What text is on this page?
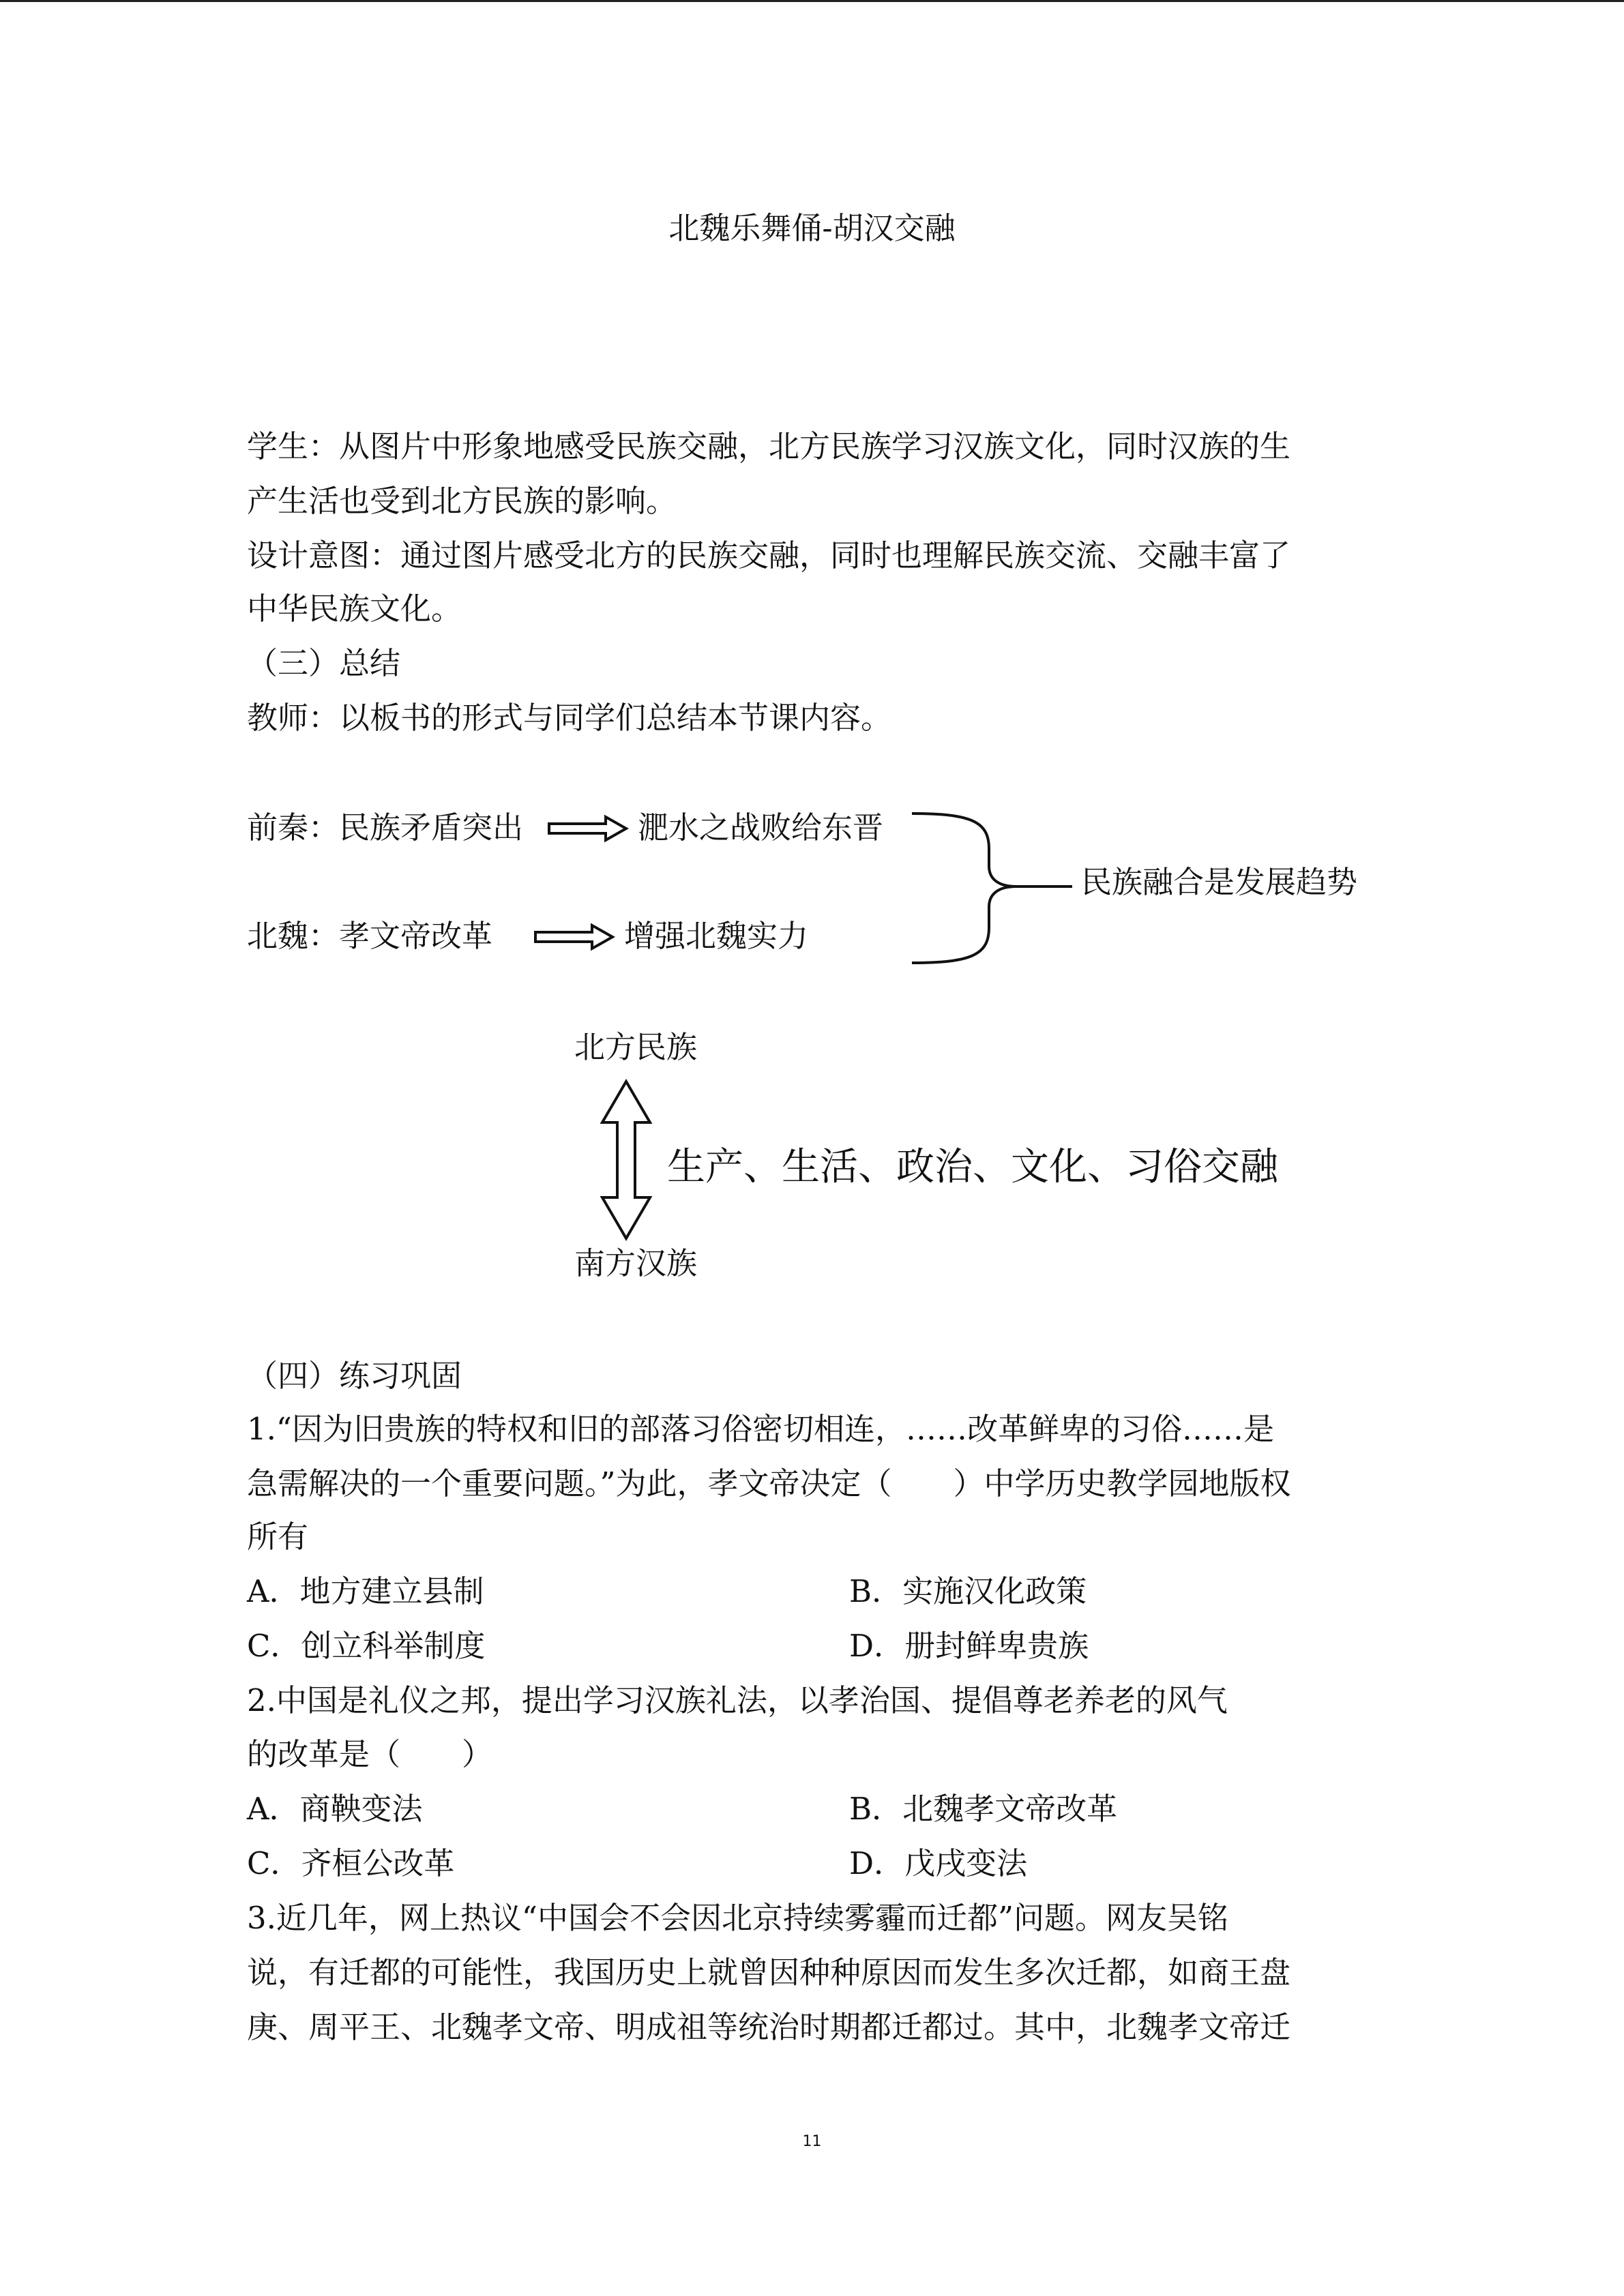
北魏乐舞俑-胡汉交融
学生：从图片中形象地感受民族交融，北方民族学习汉族文化，同时汉族的生
产生活也受到北方民族的影响。
设计意图：通过图片感受北方的民族交融，同时也理解民族交流、交融丰富了
中华民族文化。
（三）总结
教师：以板书的形式与同学们总结本节课内容。
前秦：民族矛盾突出	淝水之战败给东晋
北魏：孝文帝改革	增强北魏实力
民族融合是发展趋势
北方民族
生产、生活、政治、文化、习俗交融
南方汉族
（四）练习巩固
1.“因为旧贵族的特权和旧的部落习俗密切相连，……改革鲜卑的习俗……是
急需解决的一个重要问题。”为此，孝文帝决定（　　）中学历史教学园地版权
所有
A．地方建立县制	B．实施汉化政策
C．创立科举制度	D．册封鲜卑贵族
2.中国是礼仪之邦，提出学习汉族礼法，以孝治国、提倡尊老养老的风气
的改革是（　　）
A．商鞅变法	B．北魏孝文帝改革
C．齐桓公改革	D．戊戌变法
3.近几年，网上热议“中国会不会因北京持续雾霾而迁都”问题。网友吴铭
说，有迁都的可能性，我国历史上就曾因种种原因而发生多次迁都，如商王盘
庚、周平王、北魏孝文帝、明成祖等统治时期都迁都过。其中，北魏孝文帝迁
11
